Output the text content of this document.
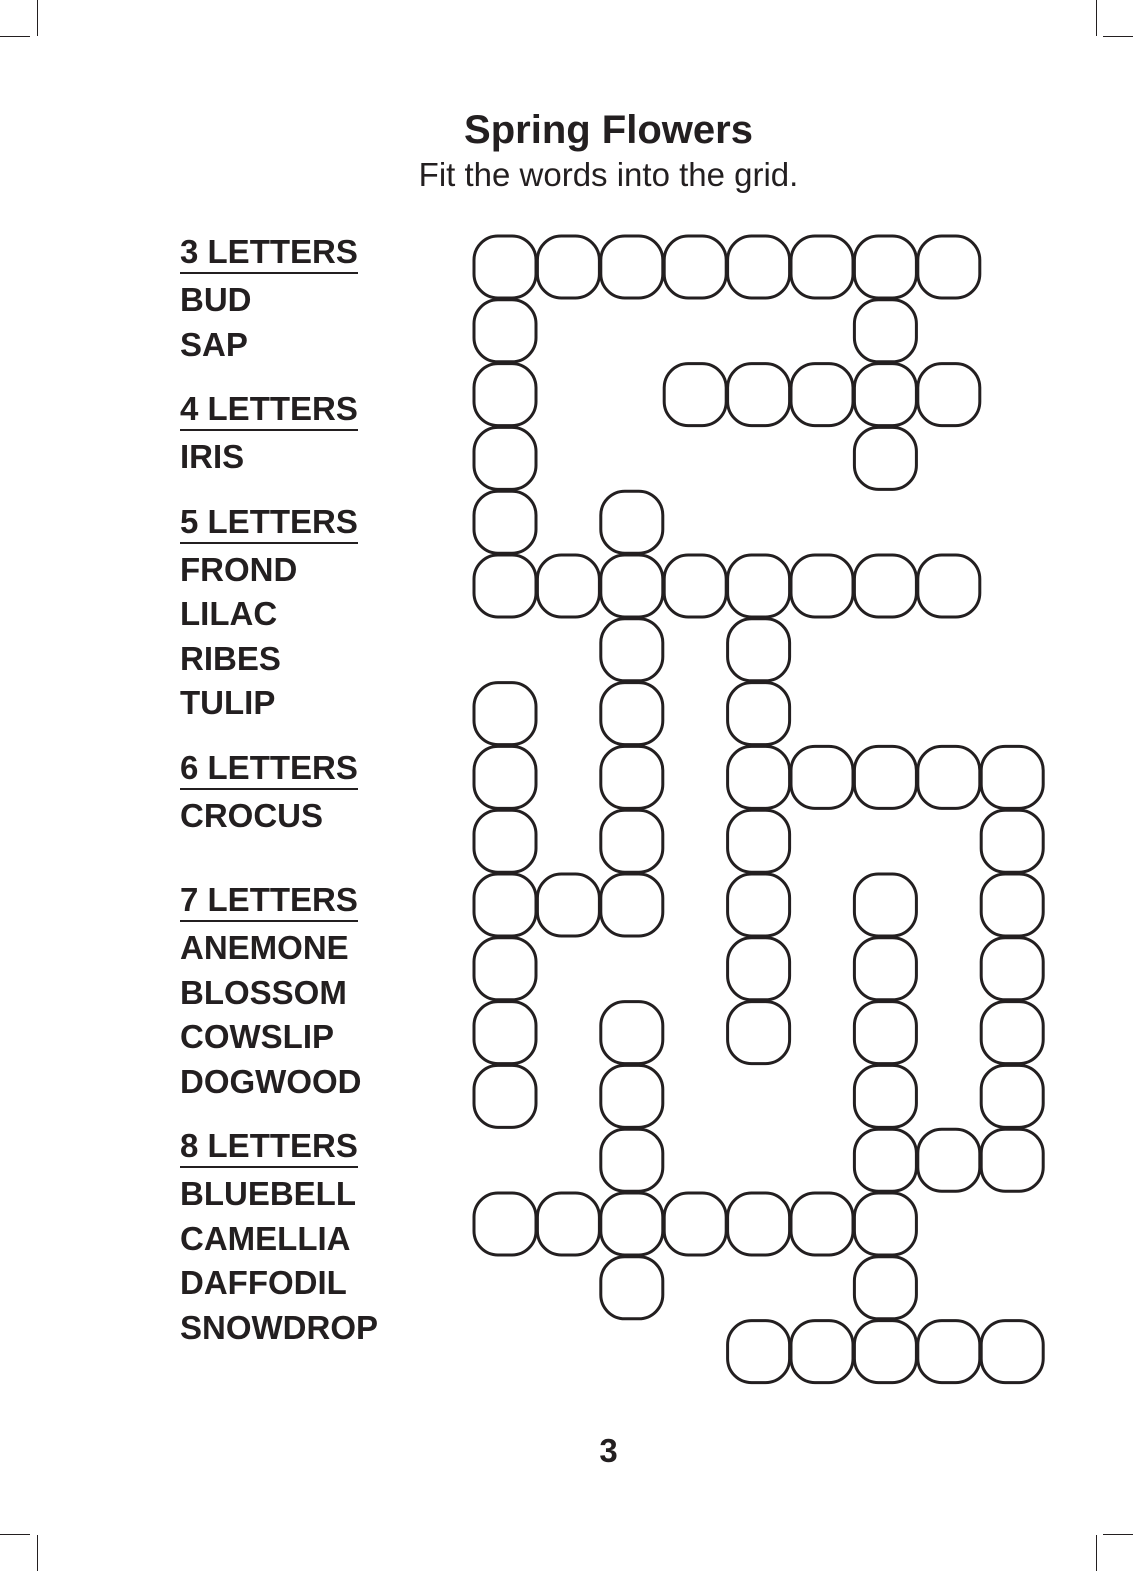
Spring Flowers
Fit the words into the grid.
3 LETTERS
BUD
SAP
4 LETTERS
IRIS
5 LETTERS
FROND
LILAC
RIBES
TULIP
6 LETTERS
CROCUS
7 LETTERS
ANEMONE
BLOSSOM
COWSLIP
DOGWOOD
8 LETTERS
BLUEBELL
CAMELLIA
DAFFODIL
SNOWDROP
3
